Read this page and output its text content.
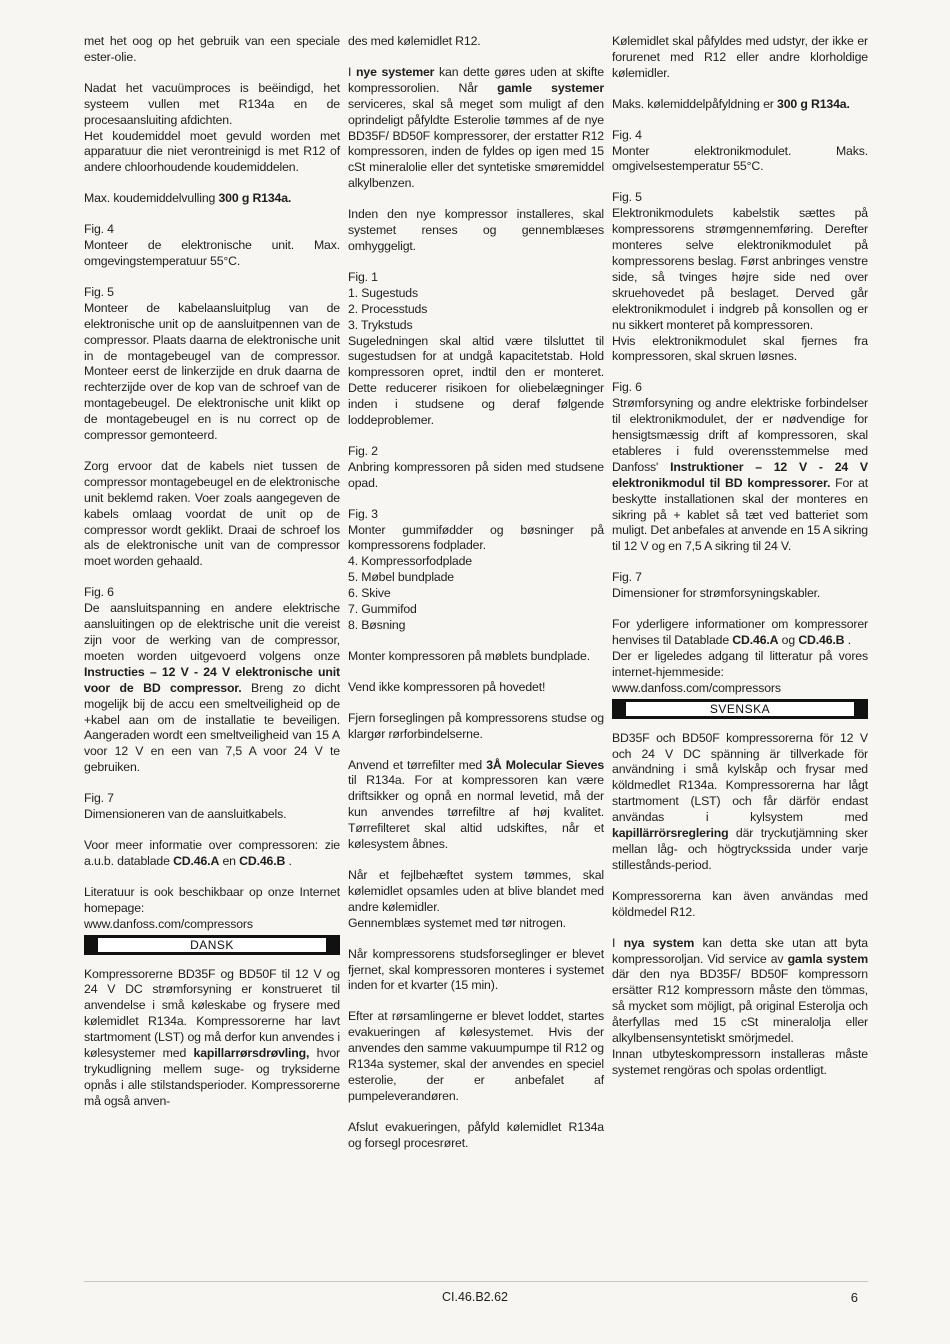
met het oog op het gebruik van een speciale ester-olie.

Nadat het vacuümproces is beëindigd, het systeem vullen met R134a en de procesaansluiting afdichten.

Het koudemiddel moet gevuld worden met apparatuur die niet verontreinigd is met R12 of andere chloorhoudende koudemiddelen.

Max. koudemiddelvulling 300 g R134a.

Fig. 4
Monteer de elektronische unit. Max. omgevingstemperatuur 55°C.

Fig. 5
Monteer de kabelaansluitplug van de elektronische unit op de aansluitpennen van de compressor. Plaats daarna de elektronische unit in de montagebeugel van de compressor. Monteer eerst de linkerzijde en druk daarna de rechterzijde over de kop van de schroef van de montagebeugel. De elektronische unit klikt op de montagebeugel en is nu correct op de compressor gemonteerd.

Zorg ervoor dat de kabels niet tussen de compressor montagebeugel en de elektronische unit beklemd raken. Voer zoals aangegeven de kabels omlaag voordat de unit op de compressor wordt geklikt. Draai de schroef los als de elektronische unit van de compressor moet worden gehaald.

Fig. 6
De aansluitspanning en andere elektrische aansluitingen op de elektrische unit die vereist zijn voor de werking van de compressor, moeten worden uitgevoerd volgens onze Instructies – 12 V - 24 V elektronische unit voor de BD compressor. Breng zo dicht mogelijk bij de accu een smeltveiligheid op de +kabel aan om de installatie te beveiligen. Aangeraden wordt een smeltveiligheid van 15 A voor 12 V en een van 7,5 A voor 24 V te gebruiken.

Fig. 7
Dimensioneren van de aansluitkabels.

Voor meer informatie over compressoren: zie a.u.b. datablade CD.46.A en CD.46.B .

Literatuur is ook beschikbaar op onze Internet homepage:

www.danfoss.com/compressors

DANSK

Kompressorerne BD35F og BD50F til 12 V og 24 V DC strømforsyning er konstrueret til anvendelse i små køleskabe og frysere med kølemidlet R134a. Kompressorerne har lavt startmoment (LST) og må derfor kun anvendes i kølesystemer med kapillarrørsdrøvling, hvor trykudligning mellem suge- og tryksiderne opnås i alle stilstandsperioder. Kompressorerne må også anven-

des med kølemidlet R12.

I nye systemer kan dette gøres uden at skifte kompressorolien. Når gamle systemer serviceres, skal så meget som muligt af den oprindeligt påfyldte Esterolie tømmes af de nye BD35F/ BD50F kompressorer, der erstatter R12 kompressoren, inden de fyldes op igen med 15 cSt mineralolie eller det syntetiske smøremiddel alkylbenzen.

Inden den nye kompressor installeres, skal systemet renses og gennemblæses omhyggeligt.

Fig. 1
1. Sugestuds
2. Processtuds
3. Trykstuds

Sugeledningen skal altid være tilsluttet til sugestudsen for at undgå kapacitetstab. Hold kompressoren opret, indtil den er monteret. Dette reducerer risikoen for oliebelægninger inden i studsene og deraf følgende loddeproblemer.

Fig. 2
Anbring kompressoren på siden med studsene opad.

Fig. 3
Monter gummifødder og bøsninger på kompressorens fodplader.
4. Kompressorfodplade
5. Møbel bundplade
6. Skive
7. Gummifod
8. Bøsning

Monter kompressoren på møblets bundplade.

Vend ikke kompressoren på hovedet!

Fjern forseglingen på kompressorens studse og klargør rørforbindelserne.

Anvend et tørrefilter med 3Å Molecular Sieves til R134a. For at kompressoren kan være driftsikker og opnå en normal levetid, må der kun anvendes tørrefiltre af høj kvalitet. Tørrefilteret skal altid udskiftes, når et kølesystem åbnes.

Når et fejlbehæftet system tømmes, skal kølemidlet opsamles uden at blive blandet med andre kølemidler.

Gennemblæs systemet med tør nitrogen.

Når kompressorens studsforseglinger er blevet fjernet, skal kompressoren monteres i systemet inden for et kvarter (15 min).

Efter at rørsamlingerne er blevet loddet, startes evakueringen af kølesystemet. Hvis der anvendes den samme vakuumpumpe til R12 og R134a systemer, skal der anvendes en speciel esterolie, der er anbefalet af pumpeleverandøren.

Afslut evakueringen, påfyld kølemidlet R134a og forsegl procesrøret.

Kølemidlet skal påfyldes med udstyr, der ikke er forurenet med R12 eller andre klorholdige kølemidler.

Maks. kølemiddelpåfyldning er 300 g R134a.

Fig. 4
Monter elektronikmodulet. Maks. omgivelsestemperatur 55°C.

Fig. 5
Elektronikmodulets kabelstik sættes på kompressorens strømgennemføring. Derefter monteres selve elektronikmodulet på kompressorens beslag. Først anbringes venstre side, så tvinges højre side ned over skruehovedet på beslaget. Derved går elektronikmodulet i indgreb på konsollen og er nu sikkert monteret på kompressoren.

Hvis elektronikmodulet skal fjernes fra kompressoren, skal skruen løsnes.

Fig. 6
Strømforsyning og andre elektriske forbindelser til elektronikmodulet, der er nødvendige for hensigtsmæssig drift af kompressoren, skal etableres i fuld overensstemmelse med Danfoss' Instruktioner – 12 V - 24 V elektronikmodul til BD kompressorer. For at beskytte installationen skal der monteres en sikring på + kablet så tæt ved batteriet som muligt. Det anbefales at anvende en 15 A sikring til 12 V og en 7,5 A sikring til 24 V.

Fig. 7
Dimensioner for strømforsyningskabler.

For yderligere informationer om kompressorer henvises til Datablade CD.46.A og CD.46.B .

Der er ligeledes adgang til litteratur på vores internet-hjemmeside:

www.danfoss.com/compressors

SVENSKA

BD35F och BD50F kompressorerna för 12 V och 24 V DC spänning är tillverkade för användning i små kylskåp och frysar med köldmedlet R134a. Kompressorerna har lågt startmoment (LST) och får därför endast användas i kylsystem med kapillärrörsreglering där tryckutjämning sker mellan låg- och högtryckssida under varje stillestånds-period.

Kompressorerna kan även användas med köldmedel R12.

I nya system kan detta ske utan att byta kompressoroljan. Vid service av gamla system där den nya BD35F/ BD50F kompressorn ersätter R12 kompressorn måste den tömmas, så mycket som möjligt, på original Esterolja och återfyllas med 15 cSt mineralolja eller alkylbensensyntetiskt smörjmedel.

Innan utbyteskompressorn installeras måste systemet rengöras och spolas ordentligt.

CI.46.B2.62	6
